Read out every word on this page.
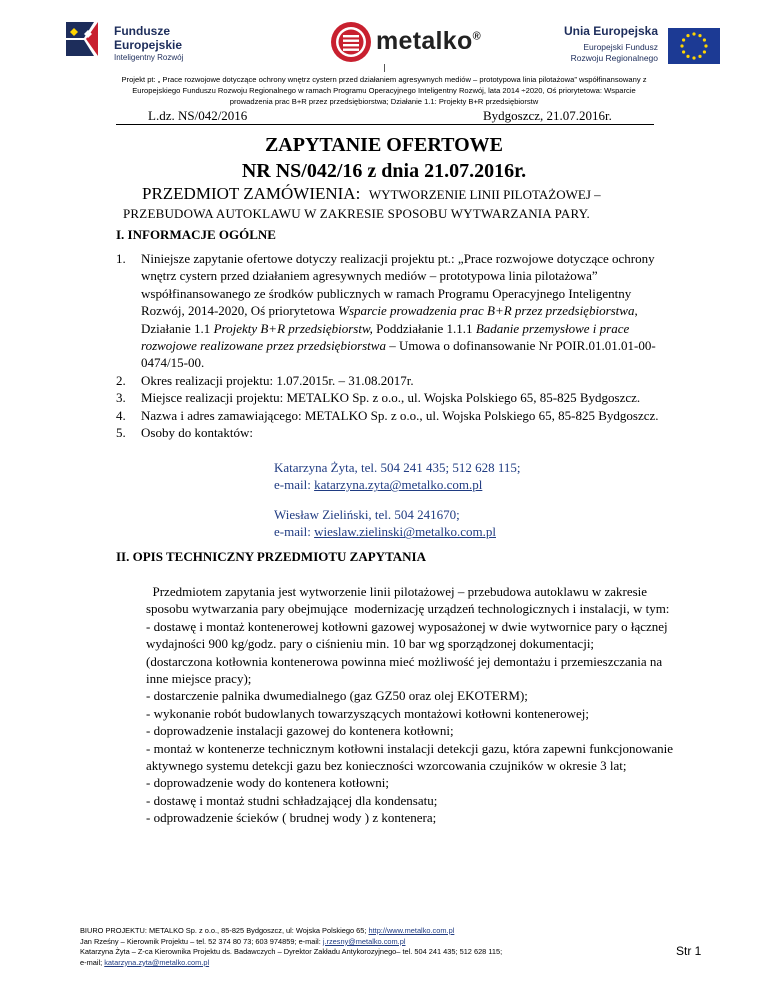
Fundusze
Europejskie
Inteligentny Rozwój
metalko®	Unia Europejska
Europejski Fundusz
Rozwoju Regionalnego
Projekt pt: „ Prace rozwojowe dotyczące ochrony wnętrz cystern przed działaniem agresywnych mediów – prototypowa linia pilotażowa” współfinansowany z
Europejskiego Funduszu Rozwoju Regionalnego w ramach Programu Operacyjnego Inteligentny Rozwój, lata 2014 ÷2020, Oś priorytetowa: Wsparcie
prowadzenia prac B+R przez przedsiębiorstwa; Działanie 1.1: Projekty B+R przedsiębiorstw
L.dz. NS/042/2016	Bydgoszcz, 21.07.2016r.
ZAPYTANIE OFERTOWE
NR NS/042/16 z dnia 21.07.2016r.
PRZEDMIOT ZAMÓWIENIA: WYTWORZENIE LINII PILOTAŻOWEJ –
PRZEBUDOWA AUTOKLAWU W ZAKRESIE SPOSOBU WYTWARZANIA PARY.
I. INFORMACJE OGÓLNE
1. Niniejsze zapytanie ofertowe dotyczy realizacji projektu pt.: „Prace rozwojowe dotyczące ochrony wnętrz cystern przed działaniem agresywnych mediów – prototypowa linia pilotażowa” współfinansowanego ze środków publicznych w ramach Programu Operacyjnego Inteligentny Rozwój, 2014-2020, Oś priorytetowa Wsparcie prowadzenia prac B+R przez przedsiębiorstwa, Działanie 1.1 Projekty B+R przedsiębiorstw, Poddziałanie 1.1.1 Badanie przemysłowe i prace rozwojowe realizowane przez przedsiębiorstwa – Umowa o dofinansowanie Nr POIR.01.01.01-00-0474/15-00.
2. Okres realizacji projektu: 1.07.2015r. – 31.08.2017r.
3. Miejsce realizacji projektu: METALKO Sp. z o.o., ul. Wojska Polskiego 65, 85-825 Bydgoszcz.
4. Nazwa i adres zamawiającego: METALKO Sp. z o.o., ul. Wojska Polskiego 65, 85-825 Bydgoszcz.
5. Osoby do kontaktów:
Katarzyna Żyta, tel. 504 241 435; 512 628 115;
e-mail: katarzyna.zyta@metalko.com.pl
Wiesław Zieliński, tel. 504 241670;
e-mail: wieslaw.zielinski@metalko.com.pl
II. OPIS TECHNICZNY PRZEDMIOTU ZAPYTANIA

Przedmiotem zapytania jest wytworzenie linii pilotażowej – przebudowa autoklawu w zakresie sposobu wytwarzania pary obejmujące  modernizację urządzeń technologicznych i instalacji, w tym:

- dostawę i montaż kontenerowej kotłowni gazowej wyposażonej w dwie wytwornice pary o łącznej wydajności 900 kg/godz. pary o ciśnieniu min. 10 bar wg sporządzonej dokumentacji;

(dostarczona kotłownia kontenerowa powinna mieć możliwość jej demontażu i przemieszczania na inne miejsce pracy);

- dostarczenie palnika dwumedialnego (gaz GZ50 oraz olej EKOTERM);

- wykonanie robót budowlanych towarzyszących montażowi kotłowni kontenerowej;

- doprowadzenie instalacji gazowej do kontenera kotłowni;

- montaż w kontenerze technicznym kotłowni instalacji detekcji gazu, która zapewni funkcjonowanie aktywnego systemu detekcji gazu bez konieczności wzorcowania czujników w okresie 3 lat;

- doprowadzenie wody do kontenera kotłowni;

- dostawę i montaż studni schładzającej dla kondensatu;

- odprowadzenie ścieków ( brudnej wody ) z kontenera;

BIURO PROJEKTU: METALKO Sp. z o.o., 85-825 Bydgoszcz, ul: Wojska Polskiego 65; http://www.metalko.com.pl
Jan Rześny – Kierownik Projektu – tel. 52 374 80 73; 603 974859; e-mail: j.rzesny@metalko.com.pl
Katarzyna Żyta – Z-ca Kierownika Projektu ds. Badawczych – Dyrektor Zakładu Antykorozyjnego– tel. 504 241 435; 512 628 115;
e-mail; katarzyna.zyta@metalko.com.pl
Str 1
